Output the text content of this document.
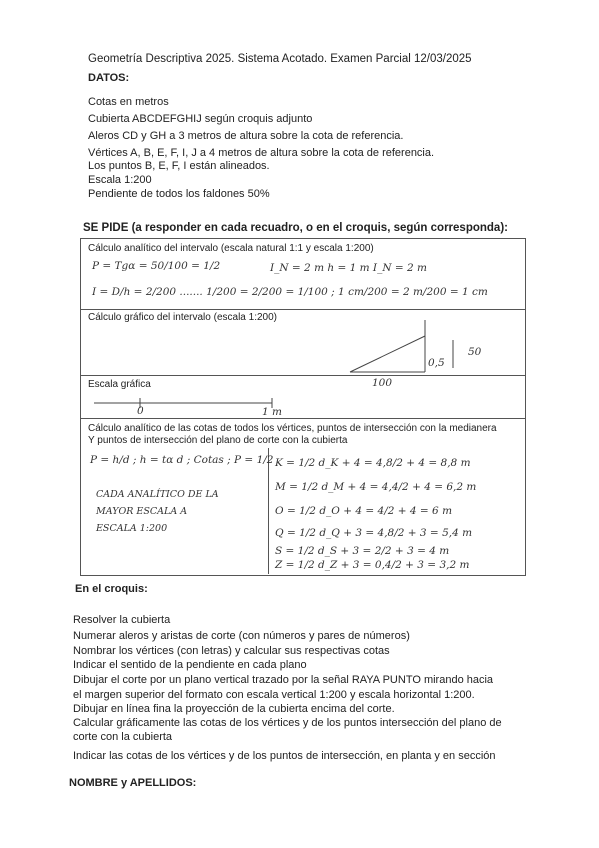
Geometría Descriptiva 2025. Sistema Acotado. Examen Parcial 12/03/2025
DATOS:
Cotas en metros
Cubierta ABCDEFGHIJ según croquis adjunto
Aleros CD y GH a 3 metros de altura sobre la cota de referencia.
Vértices A, B, E, F, I, J a 4 metros de altura sobre la cota de referencia.
Los puntos B, E, F, I están alineados.
Escala 1:200
Pendiente de todos los faldones 50%
SE PIDE (a responder en cada recuadro, o en el croquis, según corresponda):
Cálculo analítico del intervalo (escala natural 1:1 y escala 1:200)
P = Tgα = 50/100 = 1/2	I_N = 2 m h = 1 m I_N = 2 m
I = D/h = 2/200 ....... 1/200 = 2/200 = 1/100 ; 1 cm/200 = 2 m/200 = 1 cm
Cálculo gráfico del intervalo (escala 1:200)
0,5
50
100
Escala gráfica
0	1 m
Cálculo analítico de las cotas de todos los vértices, puntos de intersección con la medianera
Y puntos de intersección del plano de corte con la cubierta
P = h/d ; h = tα d ; Cotas ; P = 1/2
CADA ANALÍTICO DE LA
MAYOR ESCALA A
ESCALA 1:200
K = 1/2 d_K + 4 = 4,8/2 + 4 = 8,8 m
M = 1/2 d_M + 4 = 4,4/2 + 4 = 6,2 m
O = 1/2 d_O + 4 = 4/2 + 4 = 6 m
Q = 1/2 d_Q + 3 = 4,8/2 + 3 = 5,4 m
S = 1/2 d_S + 3 = 2/2 + 3 = 4 m
Z = 1/2 d_Z + 3 = 0,4/2 + 3 = 3,2 m
En el croquis:
Resolver la cubierta
Numerar aleros y aristas de corte (con números y pares de números)
Nombrar los vértices (con letras) y calcular sus respectivas cotas
Indicar el sentido de la pendiente en cada plano
Dibujar el corte por un plano vertical trazado por la señal RAYA PUNTO mirando hacia
el margen superior del formato con escala vertical 1:200 y escala horizontal 1:200.
Dibujar en línea fina la proyección de la cubierta encima del corte.
Calcular gráficamente las cotas de los vértices y de los puntos intersección del plano de
corte con la cubierta
Indicar las cotas de los vértices y de los puntos de intersección, en planta y en sección
NOMBRE y APELLIDOS:
